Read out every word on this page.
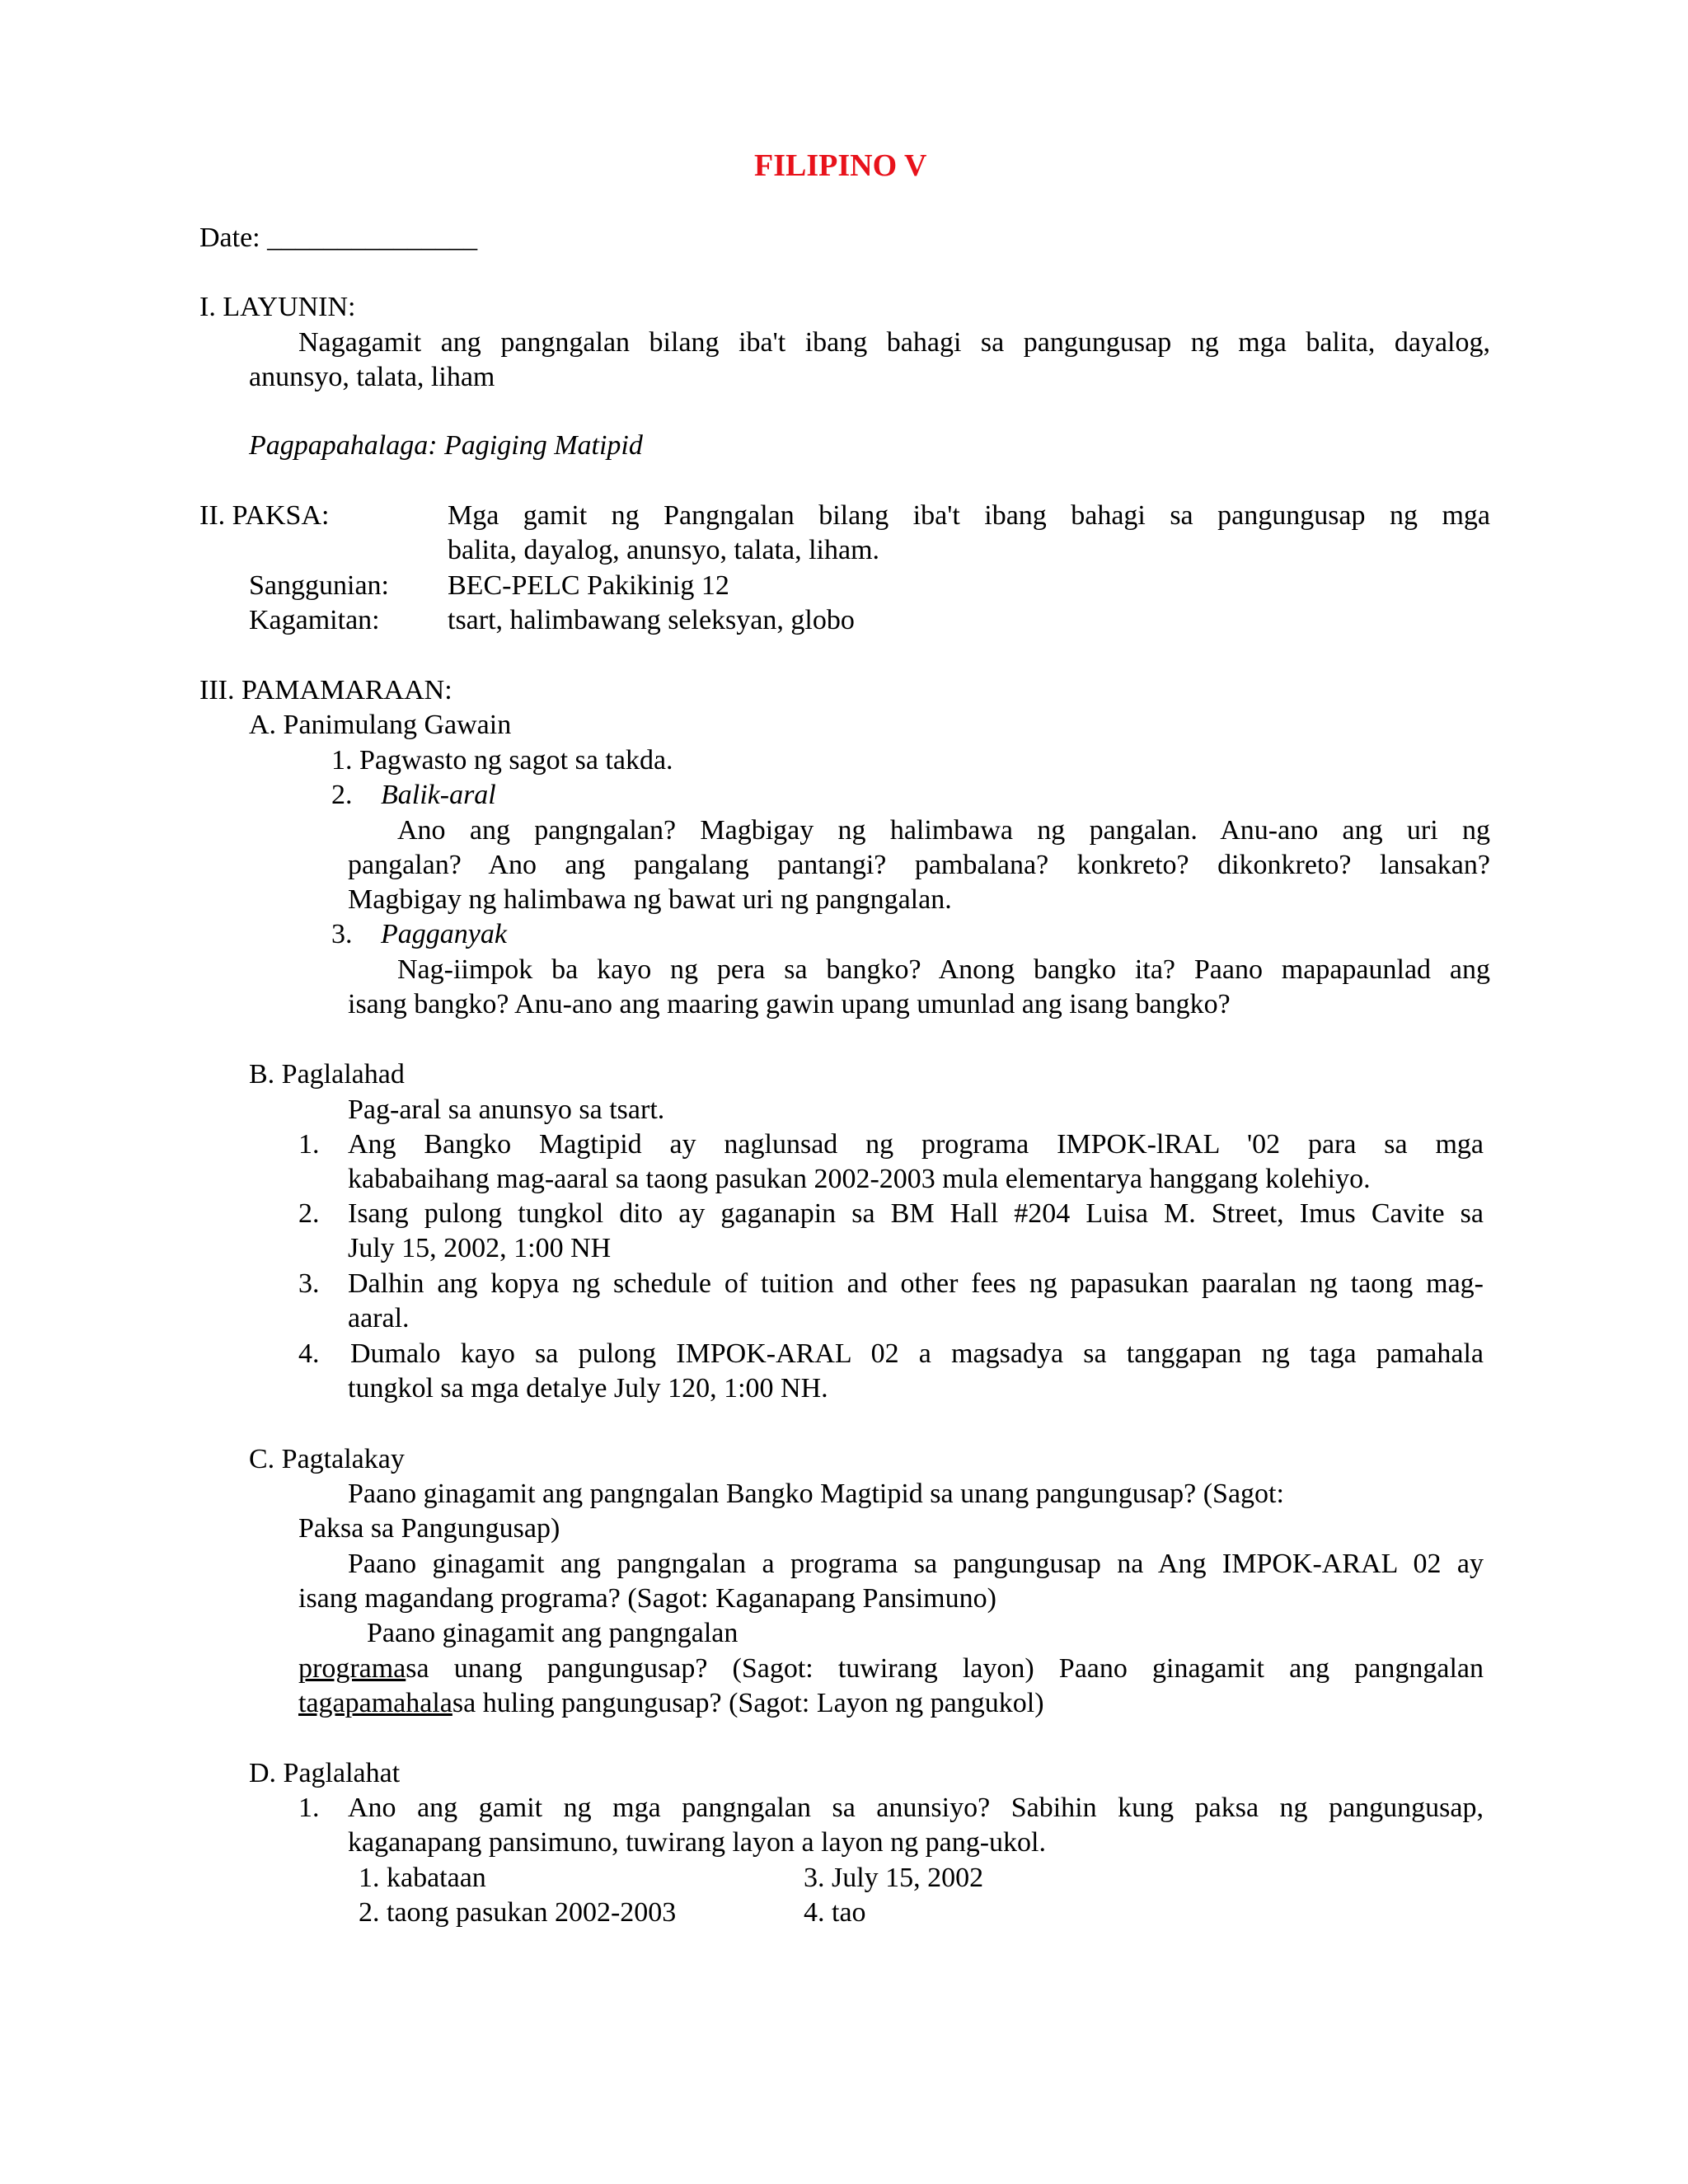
FILIPINO V
Date: _______________
I. LAYUNIN:
Nagagamit ang pangngalan bilang iba't ibang bahagi sa pangungusap ng mga balita, dayalog,
anunsyo, talata, liham
Pagpapahalaga: Pagiging Matipid
II. PAKSA:	Mga gamit ng Pangngalan bilang iba't ibang bahagi sa pangungusap ng mga
balita, dayalog, anunsyo, talata, liham.
Sanggunian: BEC-PELC Pakikinig 12
Kagamitan: tsart, halimbawang seleksyan, globo
III. PAMAMARAAN:
A. Panimulang Gawain
1. Pagwasto ng sagot sa takda.
2. Balik-aral
Ano ang pangngalan? Magbigay ng halimbawa ng pangalan. Anu-ano ang uri ng
pangalan? Ano ang pangalang pantangi? pambalana? konkreto? dikonkreto? lansakan?
Magbigay ng halimbawa ng bawat uri ng pangngalan.
3. Pagganyak
Nag-iimpok ba kayo ng pera sa bangko? Anong bangko ita? Paano mapapaunlad ang
isang bangko? Anu-ano ang maaring gawin upang umunlad ang isang bangko?
B. Paglalahad
Pag-aral sa anunsyo sa tsart.
1. Ang Bangko Magtipid ay naglunsad ng programa IMPOK-lRAL '02 para sa mga
kababaihang mag-aaral sa taong pasukan 2002-2003 mula elementarya hanggang kolehiyo.
2. Isang pulong tungkol dito ay gaganapin sa BM Hall #204 Luisa M. Street, Imus Cavite sa
July 15, 2002, 1:00 NH
3. Dalhin ang kopya ng schedule of tuition and other fees ng papasukan paaralan ng taong mag-
aaral.
4. Dumalo kayo sa pulong IMPOK-ARAL 02 a magsadya sa tanggapan ng taga pamahala
tungkol sa mga detalye July 120, 1:00 NH.
C. Pagtalakay
Paano ginagamit ang pangngalan Bangko Magtipid sa unang pangungusap? (Sagot:
Paksa sa Pangungusap)
Paano ginagamit ang pangngalan a programa sa pangungusap na Ang IMPOK-ARAL 02 ay
isang magandang programa? (Sagot: Kaganapang Pansimuno)
Paano ginagamit ang pangngalan
programasa unang pangungusap? (Sagot: tuwirang layon) Paano ginagamit ang pangngalan
tagapamahalasa huling pangungusap? (Sagot: Layon ng pangukol)
D. Paglalahat
1. Ano ang gamit ng mga pangngalan sa anunsiyo? Sabihin kung paksa ng pangungusap,
kaganapang pansimuno, tuwirang layon a layon ng pang-ukol.
1. kabataan	3. July 15, 2002
2. taong pasukan 2002-2003	4. tao
